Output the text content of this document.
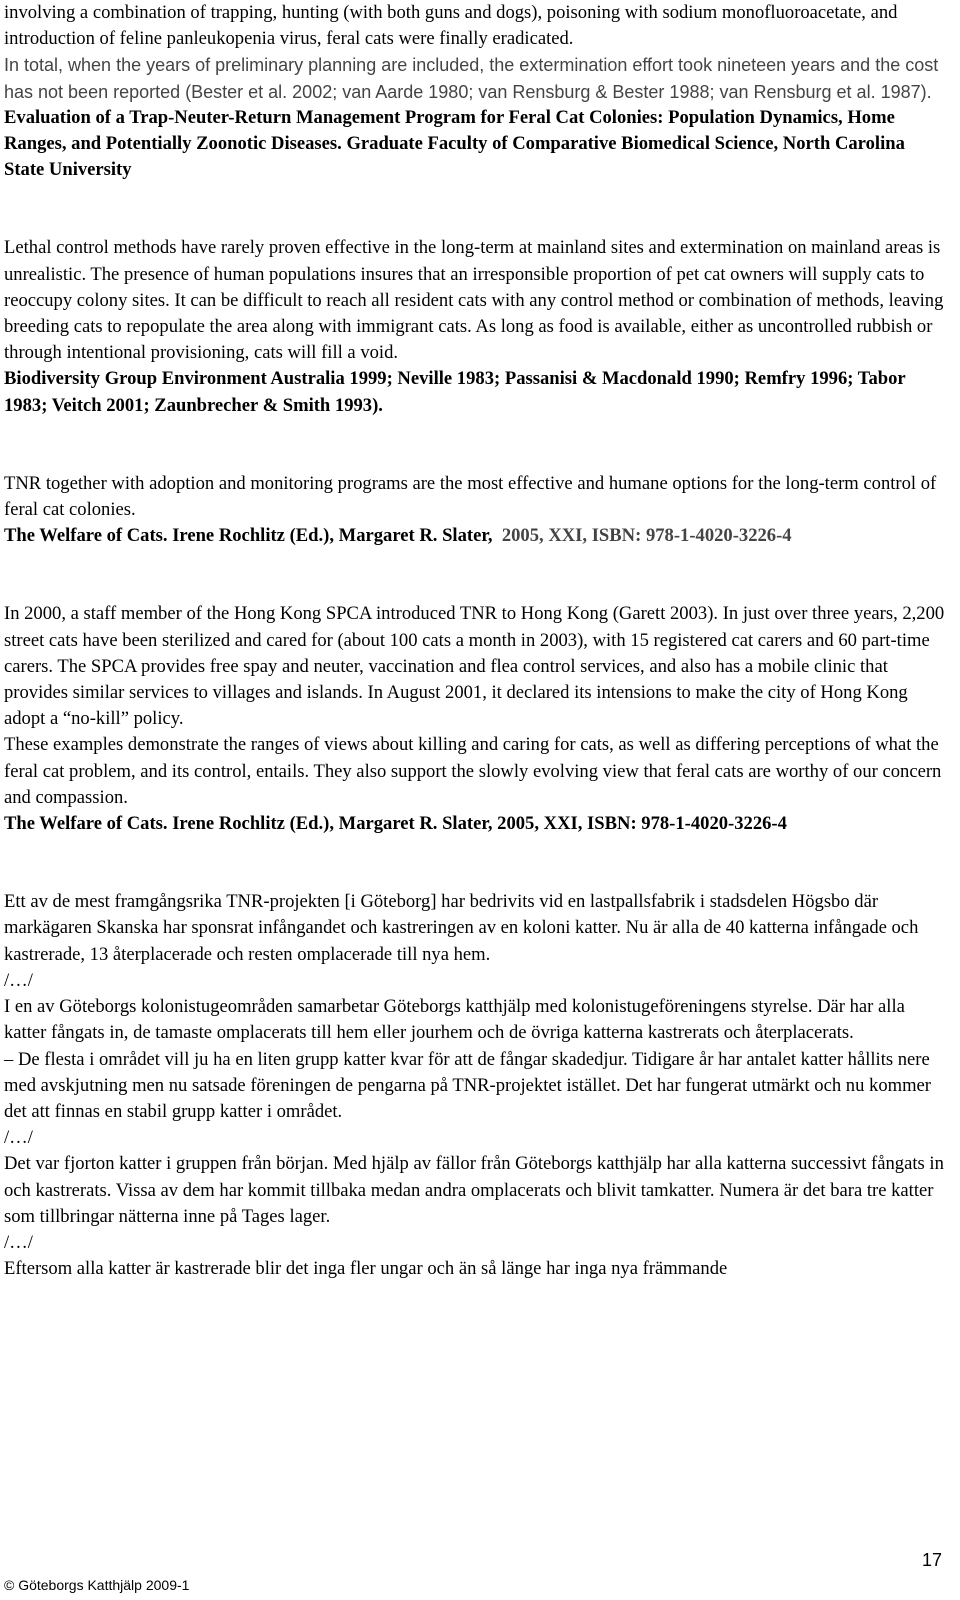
involving a combination of trapping, hunting (with both guns and dogs), poisoning with sodium monofluoroacetate, and introduction of feline panleukopenia virus, feral cats were finally eradicated.

In total, when the years of preliminary planning are included, the extermination effort took nineteen years and the cost has not been reported (Bester et al. 2002; van Aarde 1980; van Rensburg & Bester 1988; van Rensburg et al. 1987).

Evaluation of a Trap-Neuter-Return Management Program for Feral Cat Colonies: Population Dynamics, Home Ranges, and Potentially Zoonotic Diseases. Graduate Faculty of Comparative Biomedical Science, North Carolina State University

Lethal control methods have rarely proven effective in the long-term at mainland sites and extermination on mainland areas is unrealistic. The presence of human populations insures that an irresponsible proportion of pet cat owners will supply cats to reoccupy colony sites. It can be difficult to reach all resident cats with any control method or combination of methods, leaving breeding cats to repopulate the area along with immigrant cats. As long as food is available, either as uncontrolled rubbish or through intentional provisioning, cats will fill a void.

Biodiversity Group Environment Australia 1999; Neville 1983; Passanisi & Macdonald 1990; Remfry 1996; Tabor 1983; Veitch 2001; Zaunbrecher & Smith 1993).

TNR together with adoption and monitoring programs are the most effective and humane options for the long-term control of feral cat colonies.

The Welfare of Cats. Irene Rochlitz (Ed.), Margaret R. Slater, 2005, XXI, ISBN: 978-1-4020-3226-4

In 2000, a staff member of the Hong Kong SPCA introduced TNR to Hong Kong (Garett 2003). In just over three years, 2,200 street cats have been sterilized and cared for (about 100 cats a month in 2003), with 15 registered cat carers and 60 part-time carers. The SPCA provides free spay and neuter, vaccination and flea control services, and also has a mobile clinic that provides similar services to villages and islands. In August 2001, it declared its intensions to make the city of Hong Kong adopt a “no-kill” policy.

These examples demonstrate the ranges of views about killing and caring for cats, as well as differing perceptions of what the feral cat problem, and its control, entails. They also support the slowly evolving view that feral cats are worthy of our concern and compassion.

The Welfare of Cats. Irene Rochlitz (Ed.), Margaret R. Slater, 2005, XXI, ISBN: 978-1-4020-3226-4

Ett av de mest framgångsrika TNR-projekten [i Göteborg] har bedrivits vid en lastpallsfabrik i stadsdelen Högsbo där markägaren Skanska har sponsrat infångandet och kastreringen av en koloni katter. Nu är alla de 40 katterna infångade och kastrerade, 13 återplacerade och resten omplacerade till nya hem.

/…/

I en av Göteborgs kolonistugeområden samarbetar Göteborgs katthjälp med kolonistugeföreningens styrelse. Där har alla katter fångats in, de tamaste omplacerats till hem eller jourhem och de övriga katterna kastrerats och återplacerats.

– De flesta i området vill ju ha en liten grupp katter kvar för att de fångar skadedjur. Tidigare år har antalet katter hållits nere med avskjutning men nu satsade föreningen de pengarna på TNR-projektet istället. Det har fungerat utmärkt och nu kommer det att finnas en stabil grupp katter i området.

/…/

Det var fjorton katter i gruppen från början. Med hjälp av fällor från Göteborgs katthjälp har alla katterna successivt fångats in och kastrerats. Vissa av dem har kommit tillbaka medan andra omplacerats och blivit tamkatter. Numera är det bara tre katter som tillbringar nätterna inne på Tages lager.

/…/

Eftersom alla katter är kastrerade blir det inga fler ungar och än så länge har inga nya främmande

© Göteborgs Katthjälp 2009-1
17
